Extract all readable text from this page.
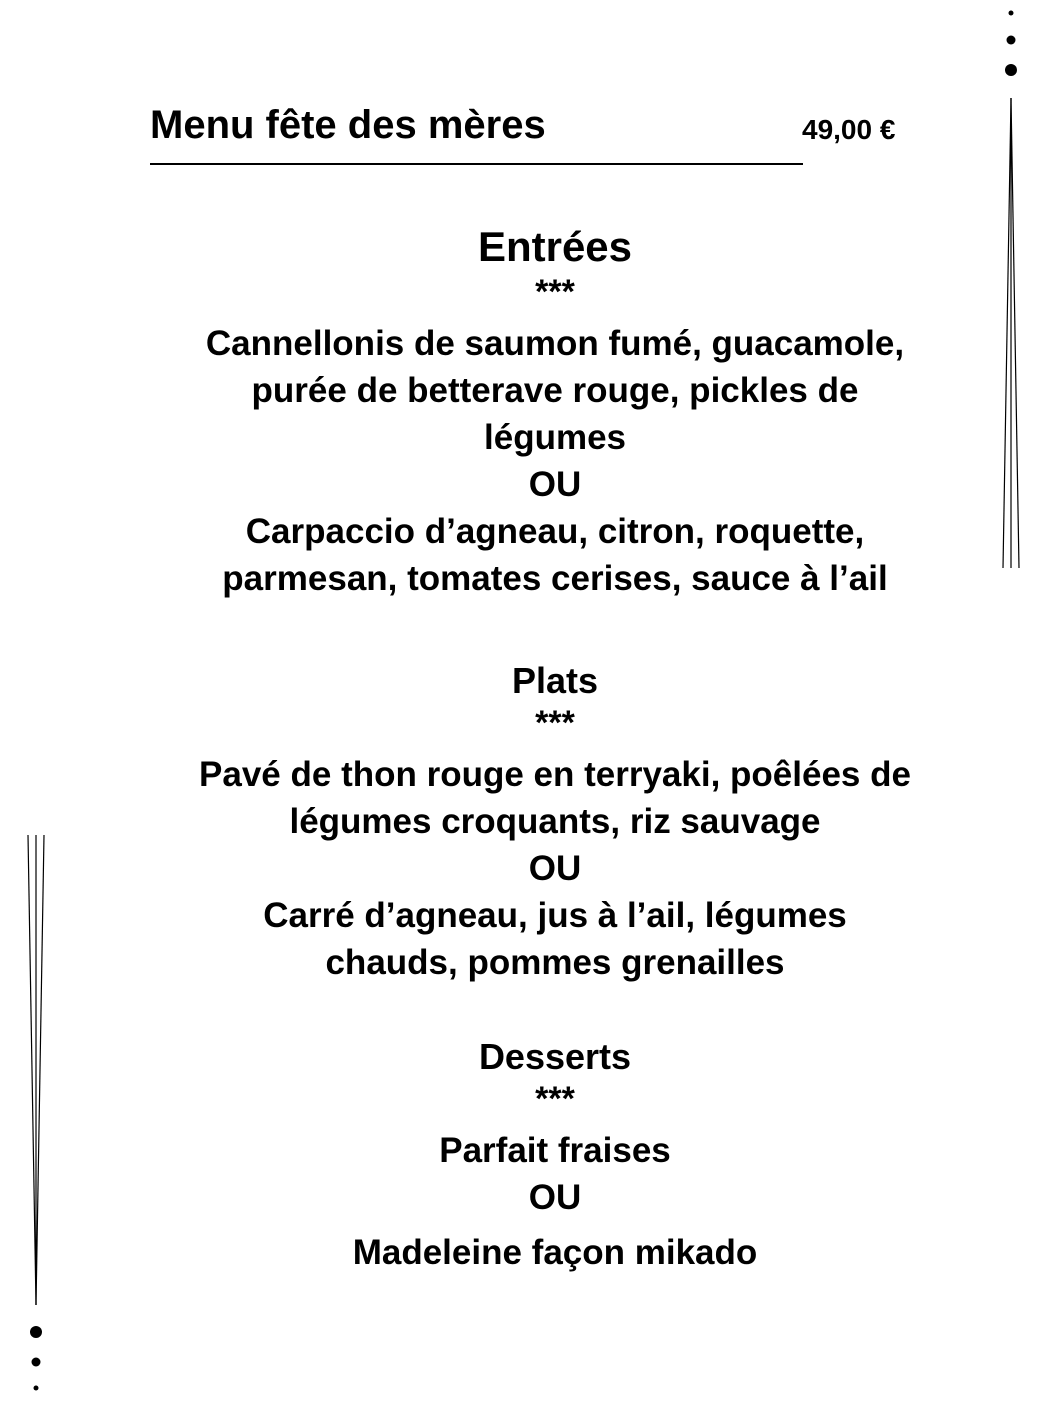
Menu fête des mères	49,00 €
Entrées
***
Cannellonis de saumon fumé, guacamole,
purée de betterave rouge, pickles de
légumes
OU
Carpaccio d’agneau, citron, roquette,
parmesan, tomates cerises, sauce à l’ail
Plats
***
Pavé de thon rouge en terryaki, poêlées de
légumes croquants, riz sauvage
OU
Carré d’agneau, jus à l’ail, légumes
chauds, pommes grenailles
Desserts
***
Parfait fraises
OU
Madeleine façon mikado
